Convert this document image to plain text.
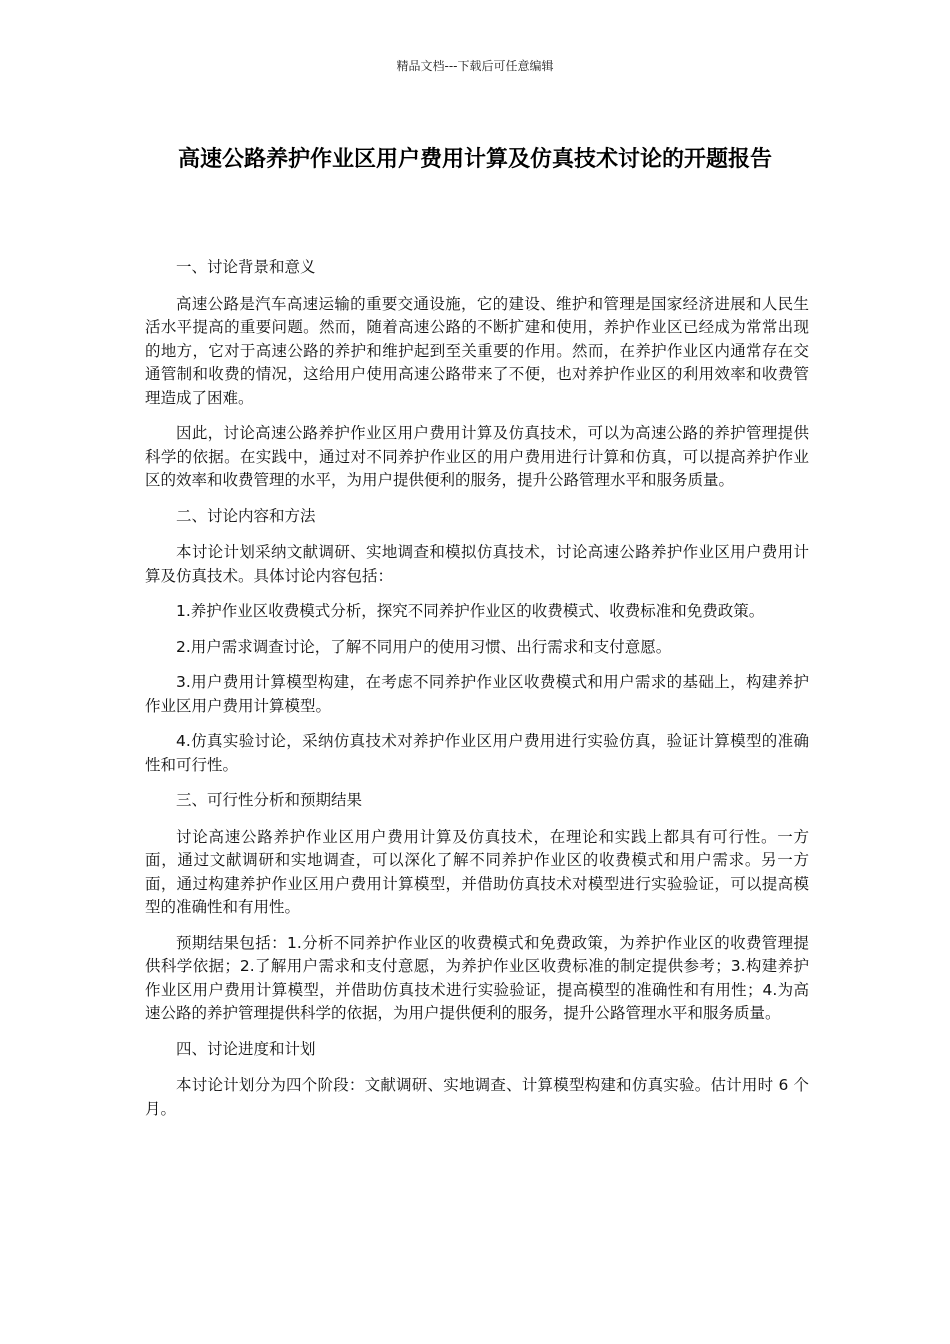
精品文档---下载后可任意编辑
高速公路养护作业区用户费用计算及仿真技术讨论的开题报告

一、讨论背景和意义

高速公路是汽车高速运输的重要交通设施，它的建设、维护和管理是国家经济进展和人民生活水平提高的重要问题。然而，随着高速公路的不断扩建和使用，养护作业区已经成为常常出现的地方，它对于高速公路的养护和维护起到至关重要的作用。然而，在养护作业区内通常存在交通管制和收费的情况，这给用户使用高速公路带来了不便，也对养护作业区的利用效率和收费管理造成了困难。

因此，讨论高速公路养护作业区用户费用计算及仿真技术，可以为高速公路的养护管理提供科学的依据。在实践中，通过对不同养护作业区的用户费用进行计算和仿真，可以提高养护作业区的效率和收费管理的水平，为用户提供便利的服务，提升公路管理水平和服务质量。

二、讨论内容和方法

本讨论计划采纳文献调研、实地调查和模拟仿真技术，讨论高速公路养护作业区用户费用计算及仿真技术。具体讨论内容包括：

1.养护作业区收费模式分析，探究不同养护作业区的收费模式、收费标准和免费政策。

2.用户需求调查讨论，了解不同用户的使用习惯、出行需求和支付意愿。

3.用户费用计算模型构建，在考虑不同养护作业区收费模式和用户需求的基础上，构建养护作业区用户费用计算模型。

4.仿真实验讨论，采纳仿真技术对养护作业区用户费用进行实验仿真，验证计算模型的准确性和可行性。

三、可行性分析和预期结果

讨论高速公路养护作业区用户费用计算及仿真技术，在理论和实践上都具有可行性。一方面，通过文献调研和实地调查，可以深化了解不同养护作业区的收费模式和用户需求。另一方面，通过构建养护作业区用户费用计算模型，并借助仿真技术对模型进行实验验证，可以提高模型的准确性和有用性。

预期结果包括：1.分析不同养护作业区的收费模式和免费政策，为养护作业区的收费管理提供科学依据；2.了解用户需求和支付意愿，为养护作业区收费标准的制定提供参考；3.构建养护作业区用户费用计算模型，并借助仿真技术进行实验验证，提高模型的准确性和有用性；4.为高速公路的养护管理提供科学的依据，为用户提供便利的服务，提升公路管理水平和服务质量。

四、讨论进度和计划

本讨论计划分为四个阶段：文献调研、实地调查、计算模型构建和仿真实验。估计用时 6 个月。
